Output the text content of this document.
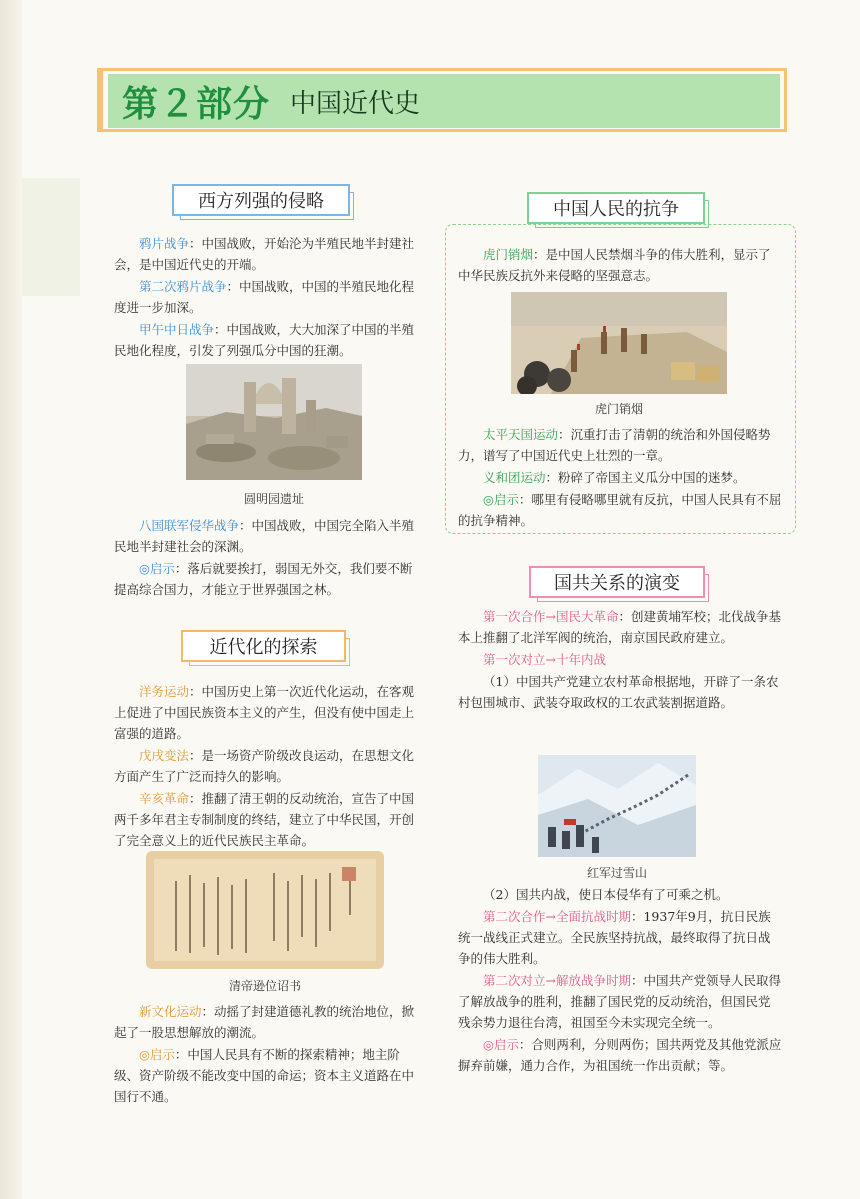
第２部分 中国近代史
西方列强的侵略

鸦片战争：中国战败，开始沦为半殖民地半封建社会，是中国近代史的开端。

第二次鸦片战争：中国战败，中国的半殖民地化程度进一步加深。

甲午中日战争：中国战败，大大加深了中国的半殖民地化程度，引发了列强瓜分中国的狂潮。

圆明园遗址

八国联军侵华战争：中国战败，中国完全陷入半殖民地半封建社会的深渊。

◎启示：落后就要挨打，弱国无外交，我们要不断提高综合国力，才能立于世界强国之林。

近代化的探索

洋务运动：中国历史上第一次近代化运动，在客观上促进了中国民族资本主义的产生，但没有使中国走上富强的道路。

戊戌变法：是一场资产阶级改良运动，在思想文化方面产生了广泛而持久的影响。

辛亥革命：推翻了清王朝的反动统治，宣告了中国两千多年君主专制制度的终结，建立了中华民国，开创了完全意义上的近代民族民主革命。

清帝逊位诏书

新文化运动：动摇了封建道德礼教的统治地位，掀起了一股思想解放的潮流。

◎启示：中国人民具有不断的探索精神；地主阶级、资产阶级不能改变中国的命运；资本主义道路在中国行不通。

中国人民的抗争

虎门销烟：是中国人民禁烟斗争的伟大胜利，显示了中华民族反抗外来侵略的坚强意志。

虎门销烟

太平天国运动：沉重打击了清朝的统治和外国侵略势力，谱写了中国近代史上壮烈的一章。

义和团运动：粉碎了帝国主义瓜分中国的迷梦。

◎启示：哪里有侵略哪里就有反抗，中国人民具有不屈的抗争精神。

国共关系的演变

第一次合作→国民大革命：创建黄埔军校；北伐战争基本上推翻了北洋军阀的统治，南京国民政府建立。

第一次对立→十年内战

（1）中国共产党建立农村革命根据地，开辟了一条农村包围城市、武装夺取政权的工农武装割据道路。

红军过雪山

（2）国共内战，使日本侵华有了可乘之机。

第二次合作→全面抗战时期：1937年9月，抗日民族统一战线正式建立。全民族坚持抗战，最终取得了抗日战争的伟大胜利。

第二次对立→解放战争时期：中国共产党领导人民取得了解放战争的胜利，推翻了国民党的反动统治，但国民党残余势力退往台湾，祖国至今未实现完全统一。

◎启示：合则两利，分则两伤；国共两党及其他党派应摒弃前嫌，通力合作，为祖国统一作出贡献；等。
